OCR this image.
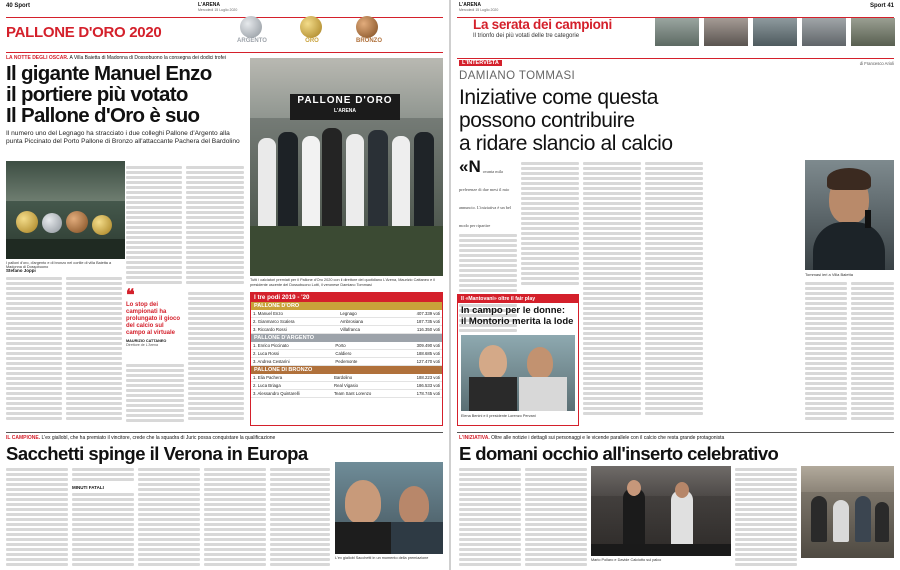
40 Sport	L'ARENA
Mercoledì 15 Luglio 2020
PALLONE D'ORO 2020	ARGENTO	ORO	BRONZO
LA NOTTE DEGLI OSCAR. A Villa Baietta di Madonna di Dossobuono la consegna dei dodici trofei
Il gigante Manuel Enzo
il portiere più votato
Il Pallone d'Oro è suo
Il numero uno del Legnago ha stracciato i due colleghi Pallone d'Argento alla punta Piccinato del Porto Pallone di Bronzo all'attaccante Pachera del Bardolino
I palloni d'oro, d'argento e di bronzo nel cortile di villa Baietta a Madonna di Dossobuono
Stefano Joppi
PALLONE D'ORO
L'ARENA
Tutti i calciatori premiati per il Pallone d'Oro 2020 con il direttore del quotidiano L'Arena, Maurizio Cattaneo e il presidente uscente del Dossobuono Lotti, il veronese Damiano Tommasi
❝
Lo stop dei campionati ha prolungato il gioco del calcio sul campo al virtuale
MAURIZIO CATTANEO
Direttore de L'Arena
I tre podi 2019 - '20
PALLONE D'ORO
1. Manuel Enzo	Legnago	407.339 voti
2. Gianmarco Scalera	Ambrosiana	187.735 voti
3. Riccardo Rossi	Villafranca	116.350 voti
PALLONE D'ARGENTO
1. Enrico Piccinato	Porto	309.490 voti
2. Luca Rossi	Caldiero	188.685 voti
3. Andrea Cestarini	Pedemonte	127.470 voti
PALLONE DI BRONZO
1. Elia Pachera	Bardolino	188.223 voti
2. Luca Briaga	Real Vigasio	186.533 voti
3. Alessandro Quintarelli	Team Sant Lorenzo	178.745 voti
IL CAMPIONE. L'ex giallobl, che ha premiato il vincitore, crede che la squadra di Juric possa conquistare la qualificazione
Sacchetti spinge il Verona in Europa
MINUTI FATALI
L'ex giallobl Sacchetti in un momento della premiazione
L'ARENA
Mercoledì 15 Luglio 2020
Sport 41
La serata dei campioni
Il trionfo dei più votati delle tre categorie
L'INTERVISTA	di Francesco Arioli
DAMIANO TOMMASI
Iniziative come questa
possono contribuire
a ridare slancio al calcio
«N ovanta mila preferenze di due mesi il mio annuncio. L'iniziativa è un bel modo per ripartire
Tommasi ieri a Villa Baietta
Il «Mantovani» oltre il fair play
In campo per le donne:
il Montorio merita la lode
Elena Benini e il presidente Lorenzo Pervani
L'INIZIATIVA. Oltre alle notizie i dettagli sui personaggi e le vicende parallele con il calcio che resta grande protagonista
E domani occhio all'inserto celebrativo
Mario Pollaro e Davide Calciotto sul palco
